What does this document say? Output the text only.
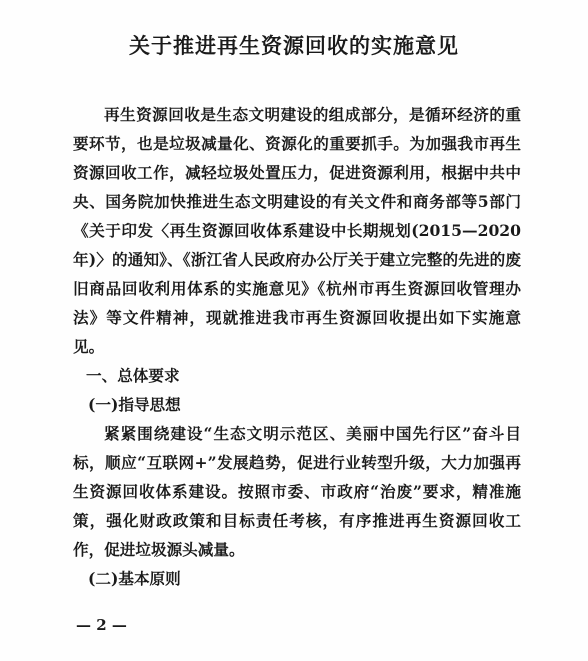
关于推进再生资源回收的实施意见

再生资源回收是生态文明建设的组成部分，是循环经济的重要环节，也是垃圾减量化、资源化的重要抓手。为加强我市再生资源回收工作，减轻垃圾处置压力，促进资源利用，根据中共中央、国务院加快推进生态文明建设的有关文件和商务部等5部门《关于印发〈再生资源回收体系建设中长期规划(2015—2020年)〉的通知》、《浙江省人民政府办公厅关于建立完整的先进的废旧商品回收利用体系的实施意见》《杭州市再生资源回收管理办法》等文件精神，现就推进我市再生资源回收提出如下实施意见。

一、总体要求

(一)指导思想

紧紧围绕建设“生态文明示范区、美丽中国先行区”奋斗目标，顺应“互联网+”发展趋势，促进行业转型升级，大力加强再生资源回收体系建设。按照市委、市政府“治废”要求，精准施策，强化财政政策和目标责任考核，有序推进再生资源回收工作，促进垃圾源头减量。

(二)基本原则

— 2 —
